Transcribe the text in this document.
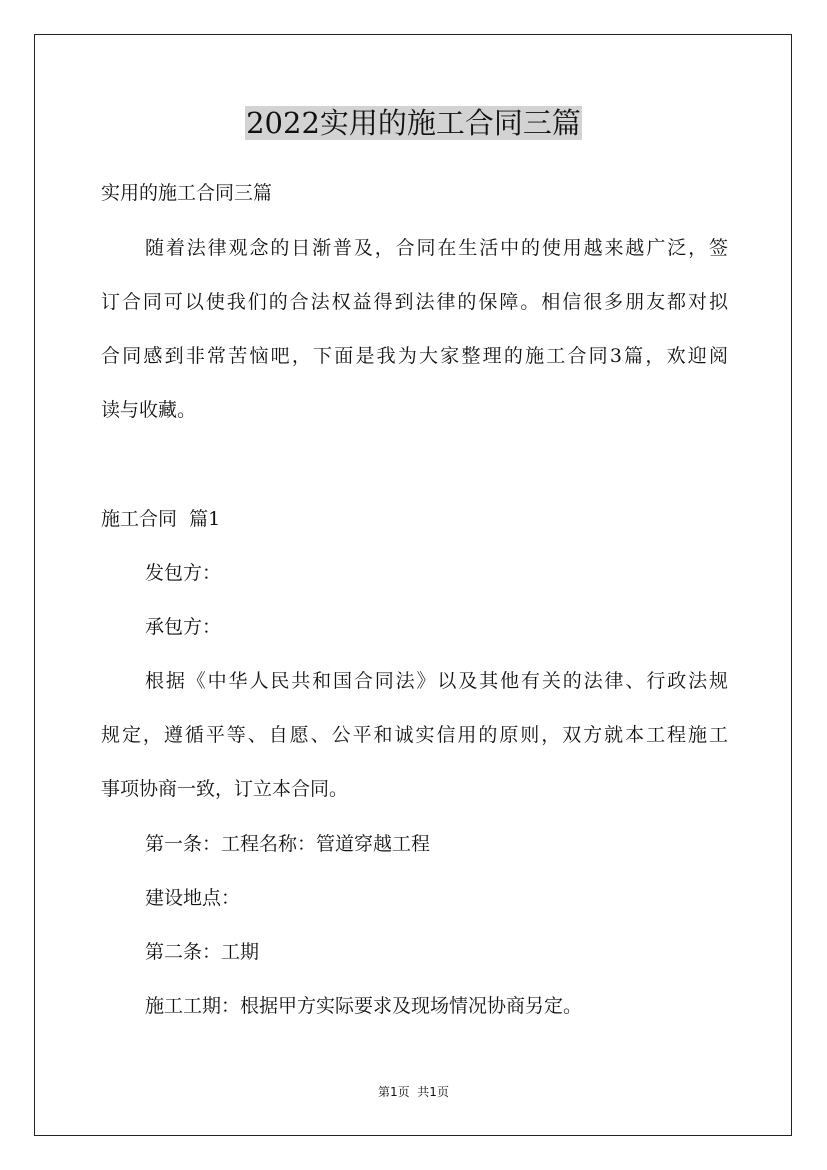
2022实用的施工合同三篇
实用的施工合同三篇
随着法律观念的日渐普及，合同在生活中的使用越来越广泛，签
订合同可以使我们的合法权益得到法律的保障。相信很多朋友都对拟
合同感到非常苦恼吧，下面是我为大家整理的施工合同3篇，欢迎阅
读与收藏。
施工合同  篇1
发包方：
承包方：
根据《中华人民共和国合同法》以及其他有关的法律、行政法规
规定，遵循平等、自愿、公平和诚实信用的原则，双方就本工程施工
事项协商一致，订立本合同。
第一条：工程名称：管道穿越工程
建设地点：
第二条：工期
施工工期：根据甲方实际要求及现场情况协商另定。
第1页  共1页
